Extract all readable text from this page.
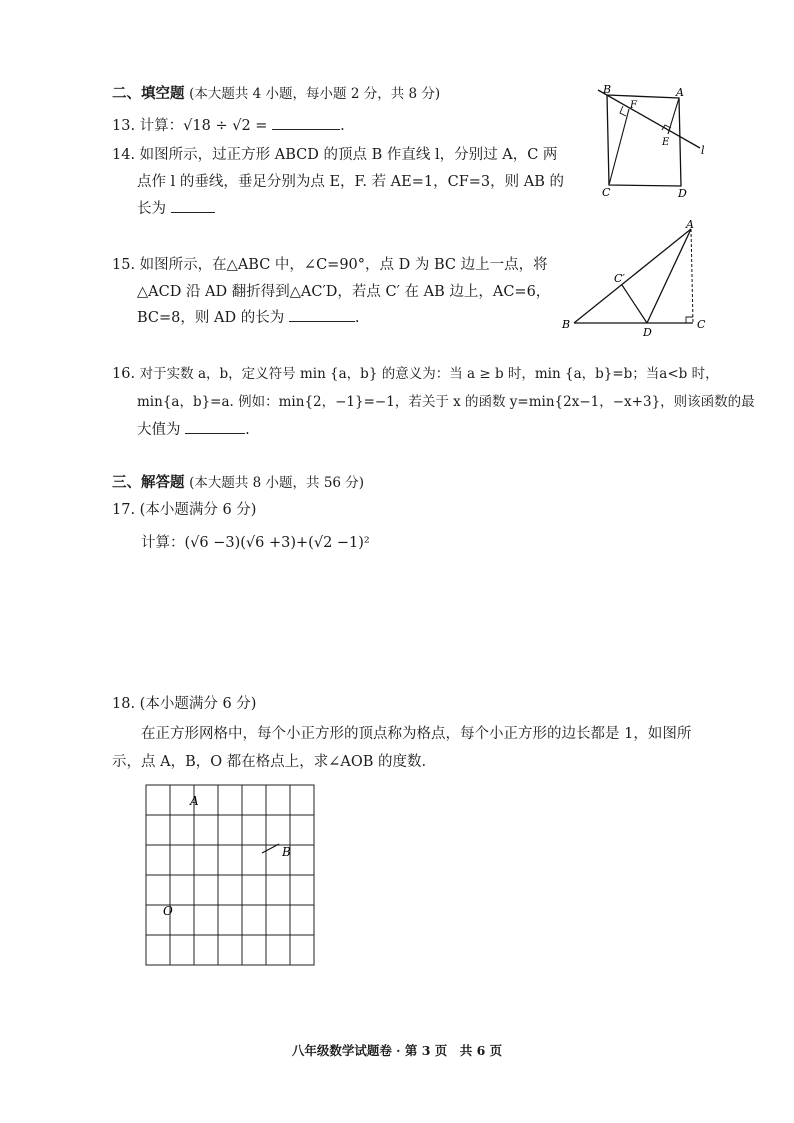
二、填空题 (本大题共 4 小题，每小题 2 分，共 8 分)
13. 计算：√18 ÷ √2 =	.
14. 如图所示，过正方形 ABCD 的顶点 B 作直线 l，分别过 A，C 两
点作 l 的垂线，垂足分别为点 E，F. 若 AE=1，CF=3，则 AB 的
长为
B	A
F
E
l
C	D
15. 如图所示，在△ABC 中，∠C=90°，点 D 为 BC 边上一点，将
△ACD 沿 AD 翻折得到△AC′D，若点 C′ 在 AB 边上，AC=6，
BC=8，则 AD 的长为	.
A
C′
B
D
C
16. 对于实数 a，b，定义符号 min {a，b} 的意义为：当 a ≥ b 时，min {a，b}=b；当a<b 时，
min{a，b}=a. 例如：min{2，−1}=−1，若关于 x 的函数 y=min{2x−1，−x+3}，则该函数的最
大值为	.
三、解答题 (本大题共 8 小题，共 56 分)
17. (本小题满分 6 分)
计算：(√6 −3)(√6 +3)+(√2 −1)²
18. (本小题满分 6 分)
在正方形网格中，每个小正方形的顶点称为格点，每个小正方形的边长都是 1，如图所
示，点 A，B，O 都在格点上，求∠AOB 的度数.
A
B
O
八年级数学试题卷 · 第 3 页　共 6 页
